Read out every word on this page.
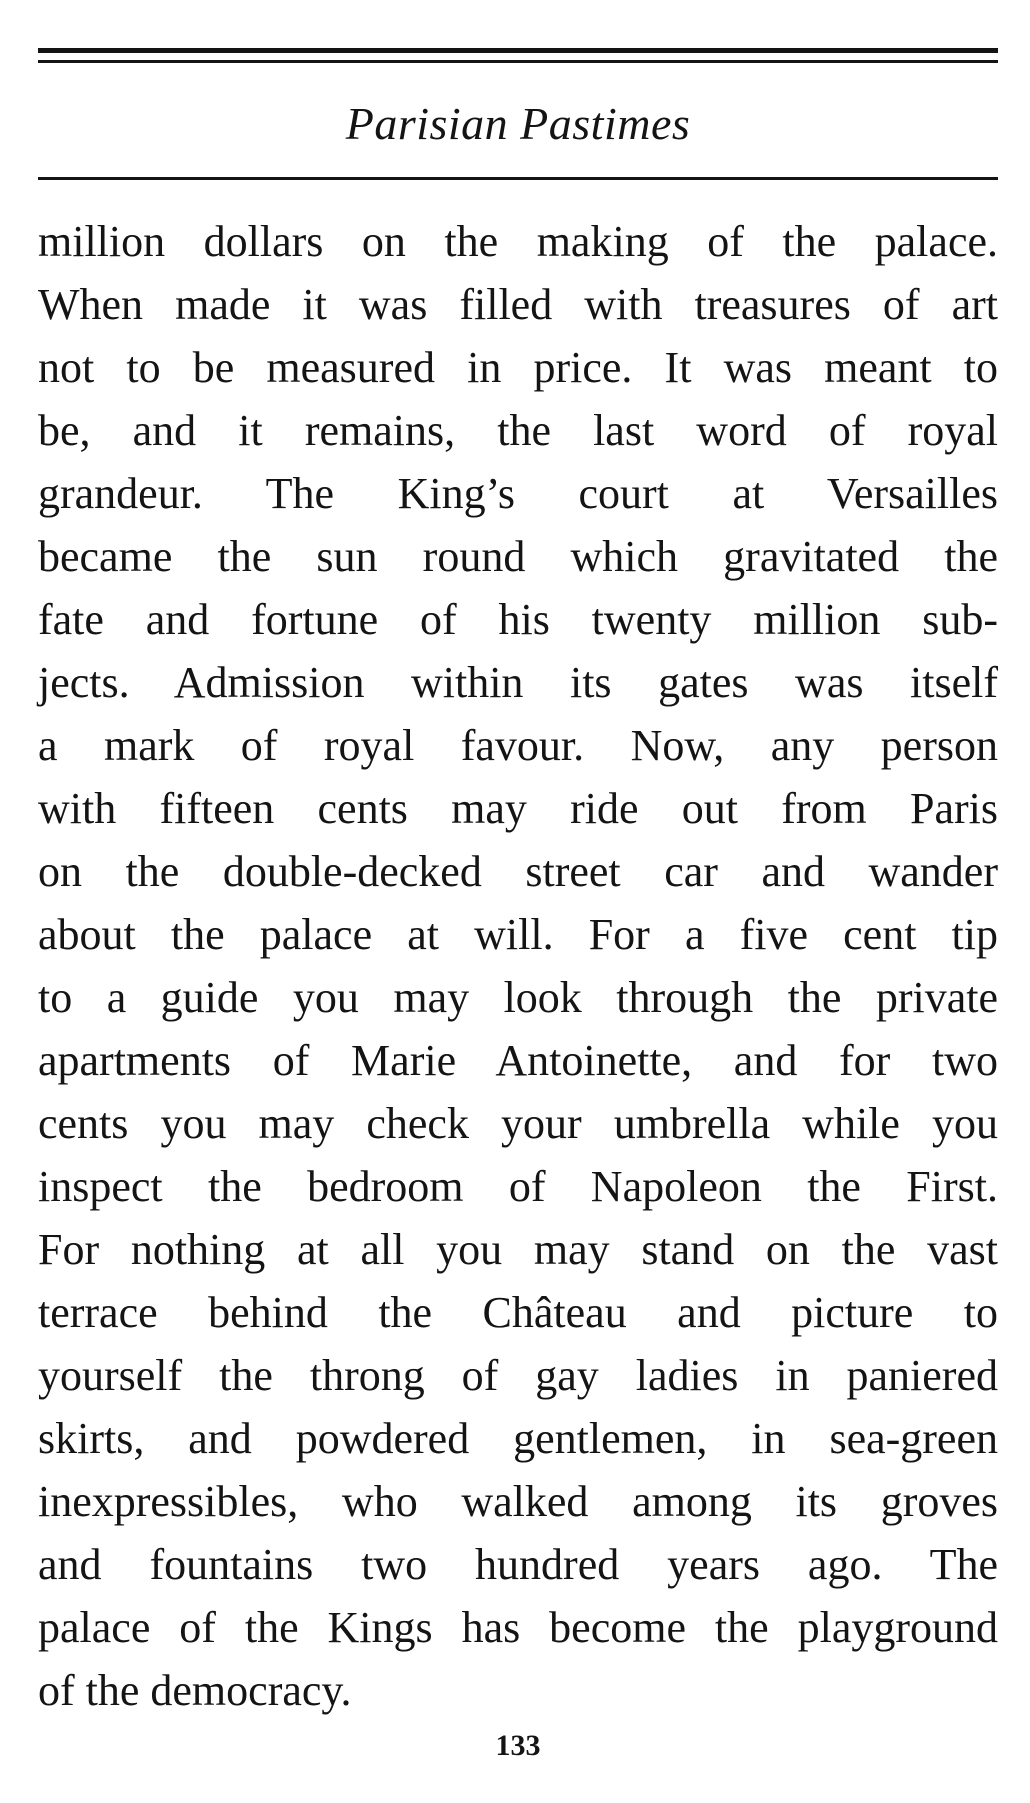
Parisian Pastimes
million dollars on the making of the palace.
When made it was filled with treasures of art
not to be measured in price. It was meant to
be, and it remains, the last word of royal
grandeur. The King’s court at Versailles
became the sun round which gravitated the
fate and fortune of his twenty million sub-
jects. Admission within its gates was itself
a mark of royal favour. Now, any person
with fifteen cents may ride out from Paris
on the double-decked street car and wander
about the palace at will. For a five cent tip
to a guide you may look through the private
apartments of Marie Antoinette, and for two
cents you may check your umbrella while you
inspect the bedroom of Napoleon the First.
For nothing at all you may stand on the vast
terrace behind the Château and picture to
yourself the throng of gay ladies in paniered
skirts, and powdered gentlemen, in sea-green
inexpressibles, who walked among its groves
and fountains two hundred years ago. The
palace of the Kings has become the playground
of the democracy.
133
